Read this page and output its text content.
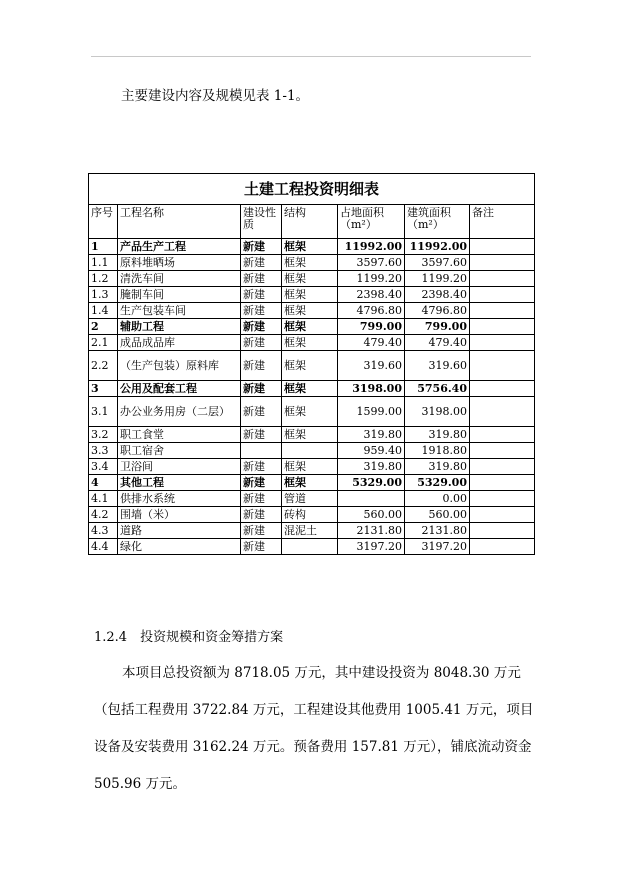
主要建设内容及规模见表 1-1。
土建工程投资明细表						
序号	工程名称	建设性质	结构	占地面积（m²）	建筑面积（m²）	备注
1	产品生产工程	新建	框架	11992.00	11992.00	
1.1	原料堆晒场	新建	框架	3597.60	3597.60	
1.2	清洗车间	新建	框架	1199.20	1199.20	
1.3	腌制车间	新建	框架	2398.40	2398.40	
1.4	生产包装车间	新建	框架	4796.80	4796.80	
2	辅助工程	新建	框架	799.00	799.00	
2.1	成品成品库	新建	框架	479.40	479.40	
2.2	（生产包装）原料库	新建	框架	319.60	319.60	
3	公用及配套工程	新建	框架	3198.00	5756.40	
3.1	办公业务用房（二层）	新建	框架	1599.00	3198.00	
3.2	职工食堂	新建	框架	319.80	319.80	
3.3	职工宿舍			959.40	1918.80	
3.4	卫浴间	新建	框架	319.80	319.80	
4	其他工程	新建	框架	5329.00	5329.00	
4.1	供排水系统	新建	管道		0.00	
4.2	围墙（米）	新建	砖构	560.00	560.00	
4.3	道路	新建	混泥土	2131.80	2131.80	
4.4	绿化	新建		3197.20	3197.20	
1.2.4　投资规模和资金筹措方案

本项目总投资额为 8718.05 万元，其中建设投资为 8048.30 万元（包括工程费用 3722.84 万元，工程建设其他费用 1005.41 万元，项目设备及安装费用 3162.24 万元。预备费用 157.81 万元），铺底流动资金 505.96 万元。
